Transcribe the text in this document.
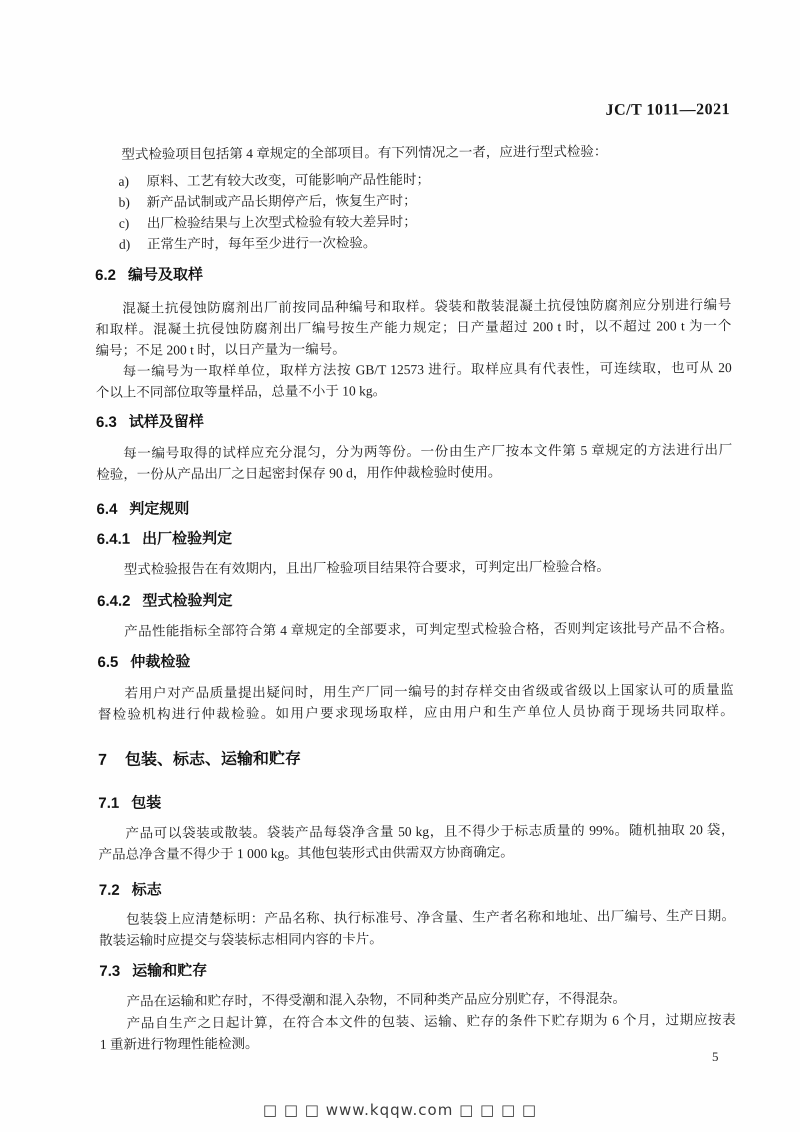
JC/T 1011—2021

型式检验项目包括第 4 章规定的全部项目。有下列情况之一者，应进行型式检验：

a)	原料、工艺有较大改变，可能影响产品性能时；
b)	新产品试制或产品长期停产后，恢复生产时；
c)	出厂检验结果与上次型式检验有较大差异时；
d)	正常生产时，每年至少进行一次检验。
6.2 编号及取样

混凝土抗侵蚀防腐剂出厂前按同品种编号和取样。袋装和散装混凝土抗侵蚀防腐剂应分别进行编号

和取样。混凝土抗侵蚀防腐剂出厂编号按生产能力规定；日产量超过 200 t 时，以不超过 200 t 为一个

编号；不足 200 t 时，以日产量为一编号。

每一编号为一取样单位，取样方法按 GB/T 12573 进行。取样应具有代表性，可连续取，也可从 20

个以上不同部位取等量样品，总量不小于 10 kg。

6.3 试样及留样

每一编号取得的试样应充分混匀，分为两等份。一份由生产厂按本文件第 5 章规定的方法进行出厂

检验，一份从产品出厂之日起密封保存 90 d，用作仲裁检验时使用。

6.4 判定规则
6.4.1 出厂检验判定

型式检验报告在有效期内，且出厂检验项目结果符合要求，可判定出厂检验合格。

6.4.2 型式检验判定

产品性能指标全部符合第 4 章规定的全部要求，可判定型式检验合格，否则判定该批号产品不合格。

6.5 仲裁检验

若用户对产品质量提出疑问时，用生产厂同一编号的封存样交由省级或省级以上国家认可的质量监

督检验机构进行仲裁检验。如用户要求现场取样，应由用户和生产单位人员协商于现场共同取样。

7 包装、标志、运输和贮存
7.1 包装

产品可以袋装或散装。袋装产品每袋净含量 50 kg，且不得少于标志质量的 99%。随机抽取 20 袋，

产品总净含量不得少于 1 000 kg。其他包装形式由供需双方协商确定。

7.2 标志

包装袋上应清楚标明：产品名称、执行标准号、净含量、生产者名称和地址、出厂编号、生产日期。

散装运输时应提交与袋装标志相同内容的卡片。

7.3 运输和贮存

产品在运输和贮存时，不得受潮和混入杂物，不同种类产品应分别贮存，不得混杂。

产品自生产之日起计算，在符合本文件的包装、运输、贮存的条件下贮存期为 6 个月，过期应按表

1 重新进行物理性能检测。

5
□ □ □ www.kqqw.com □ □ □ □
